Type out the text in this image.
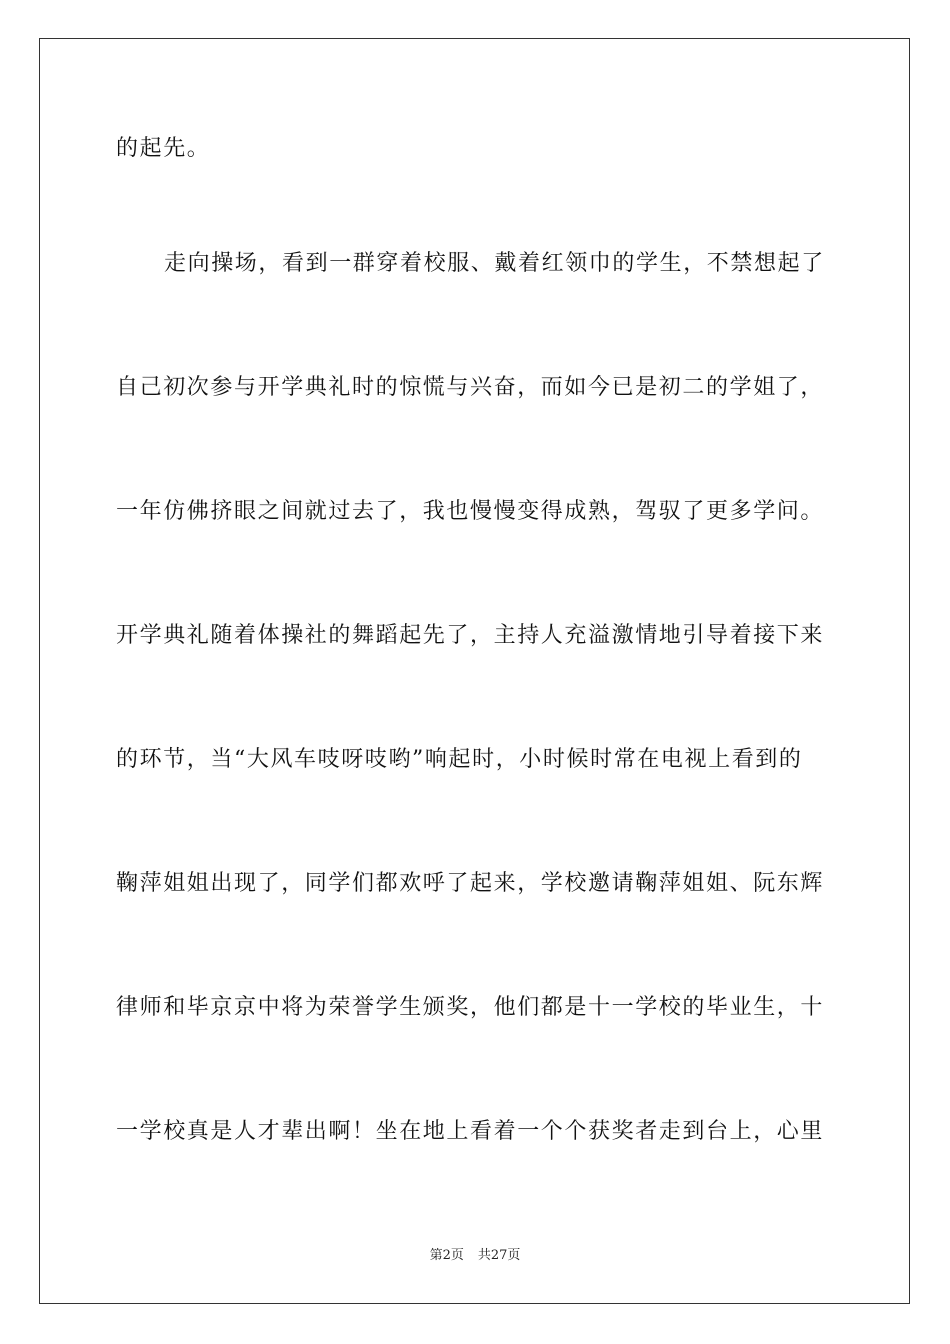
的起先。
走向操场，看到一群穿着校服、戴着红领巾的学生，不禁想起了
自己初次参与开学典礼时的惊慌与兴奋，而如今已是初二的学姐了，
一年仿佛挤眼之间就过去了，我也慢慢变得成熟，驾驭了更多学问。
开学典礼随着体操社的舞蹈起先了，主持人充溢激情地引导着接下来
的环节，当“大风车吱呀吱哟”响起时，小时候时常在电视上看到的
鞠萍姐姐出现了，同学们都欢呼了起来，学校邀请鞠萍姐姐、阮东辉
律师和毕京京中将为荣誉学生颁奖，他们都是十一学校的毕业生，十
一学校真是人才辈出啊！坐在地上看着一个个获奖者走到台上，心里
第2页 共27页
